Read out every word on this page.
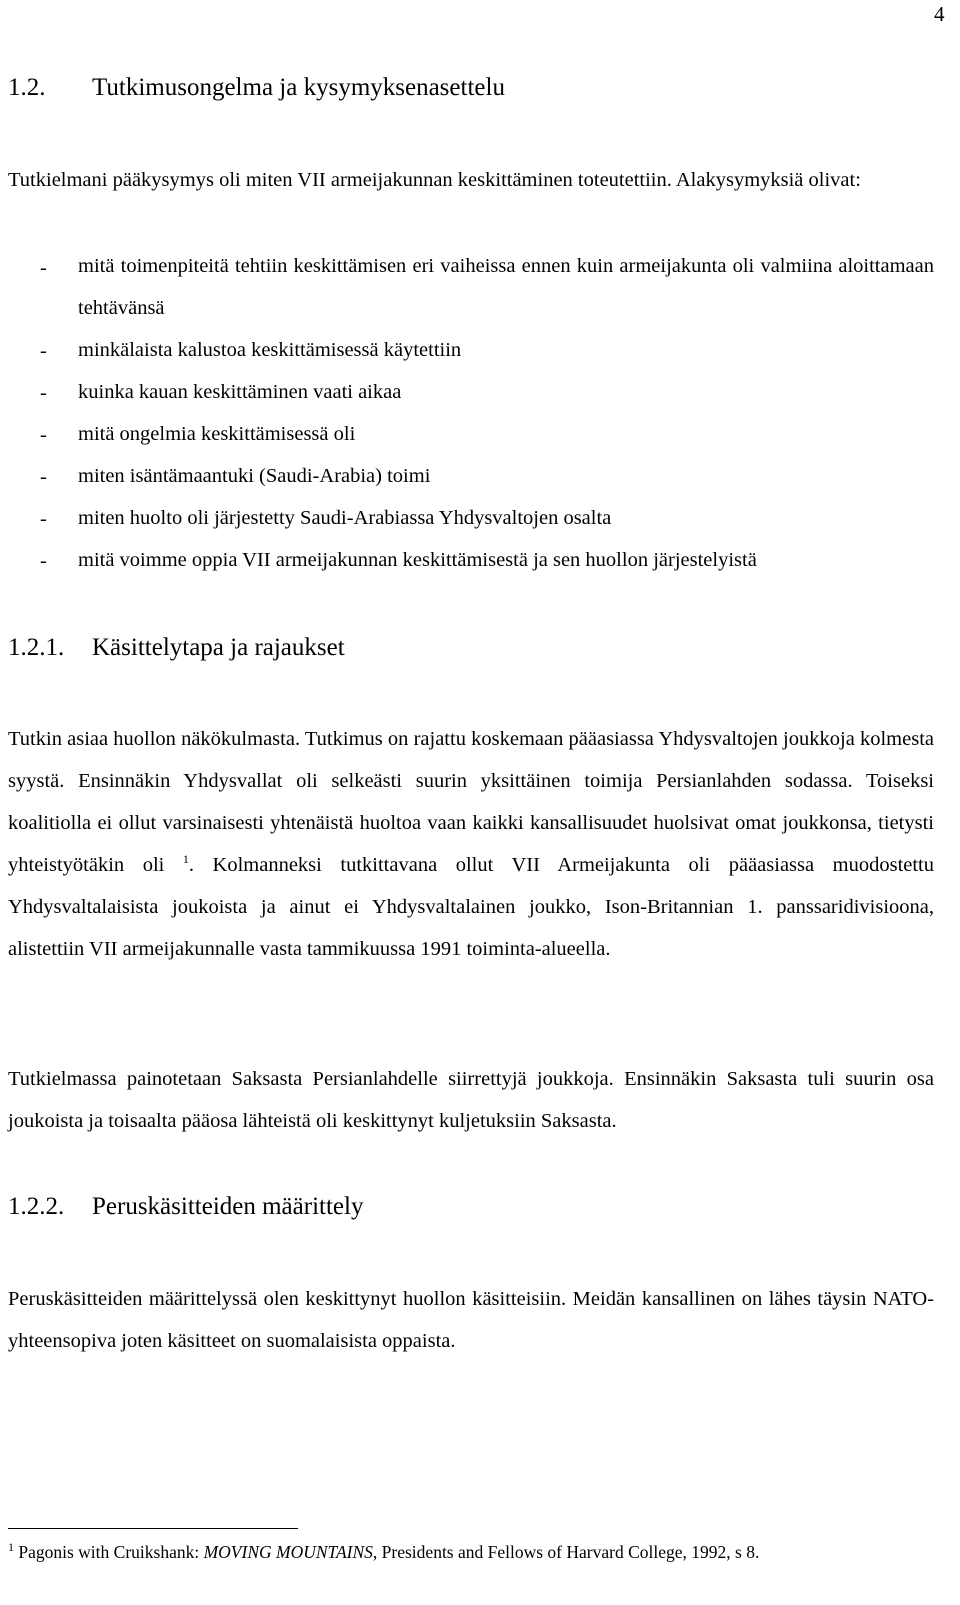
4
1.2. Tutkimusongelma ja kysymyksenasettelu
Tutkielmani pääkysymys oli miten VII armeijakunnan keskittäminen toteutettiin. Alakysymyksiä olivat:
- mitä toimenpiteitä tehtiin keskittämisen eri vaiheissa ennen kuin armeijakunta oli valmiina aloittamaan tehtävänsä
- minkälaista kalustoa keskittämisessä käytettiin
- kuinka kauan keskittäminen vaati aikaa
- mitä ongelmia keskittämisessä oli
- miten isäntämaantuki (Saudi-Arabia) toimi
- miten huolto oli järjestetty Saudi-Arabiassa Yhdysvaltojen osalta
- mitä voimme oppia VII armeijakunnan keskittämisestä ja sen huollon järjestelyistä
1.2.1. Käsittelytapa ja rajaukset
Tutkin asiaa huollon näkökulmasta. Tutkimus on rajattu koskemaan pääasiassa Yhdysvaltojen joukkoja kolmesta syystä. Ensinnäkin Yhdysvallat oli selkeästi suurin yksittäinen toimija Persianlahden sodassa. Toiseksi koalitiolla ei ollut varsinaisesti yhtenäistä huoltoa vaan kaikki kansallisuudet huolsivat omat joukkonsa, tietysti yhteistyötäkin oli $^1$. Kolmanneksi tutkittavana ollut VII Armeijakunta oli pääasiassa muodostettu Yhdysvaltalaisista joukoista ja ainut ei Yhdysvaltalainen joukko, Ison-Britannian 1. panssaridivisioona, alistettiin VII armeijakunnalle vasta tammikuussa 1991 toiminta-alueella.
Tutkielmassa painotetaan Saksasta Persianlahdelle siirrettyjä joukkoja. Ensinnäkin Saksasta tuli suurin osa joukoista ja toisaalta pääosa lähteistä oli keskittynyt kuljetuksiin Saksasta.
1.2.2. Peruskäsitteiden määrittely
Peruskäsitteiden määrittelyssä olen keskittynyt huollon käsitteisiin. Meidän kansallinen on lähes täysin NATO-yhteensopiva joten käsitteet on suomalaisista oppaista.
$^1$ Pagonis with Cruikshank: MOVING MOUNTAINS, Presidents and Fellows of Harvard College, 1992, s 8.
